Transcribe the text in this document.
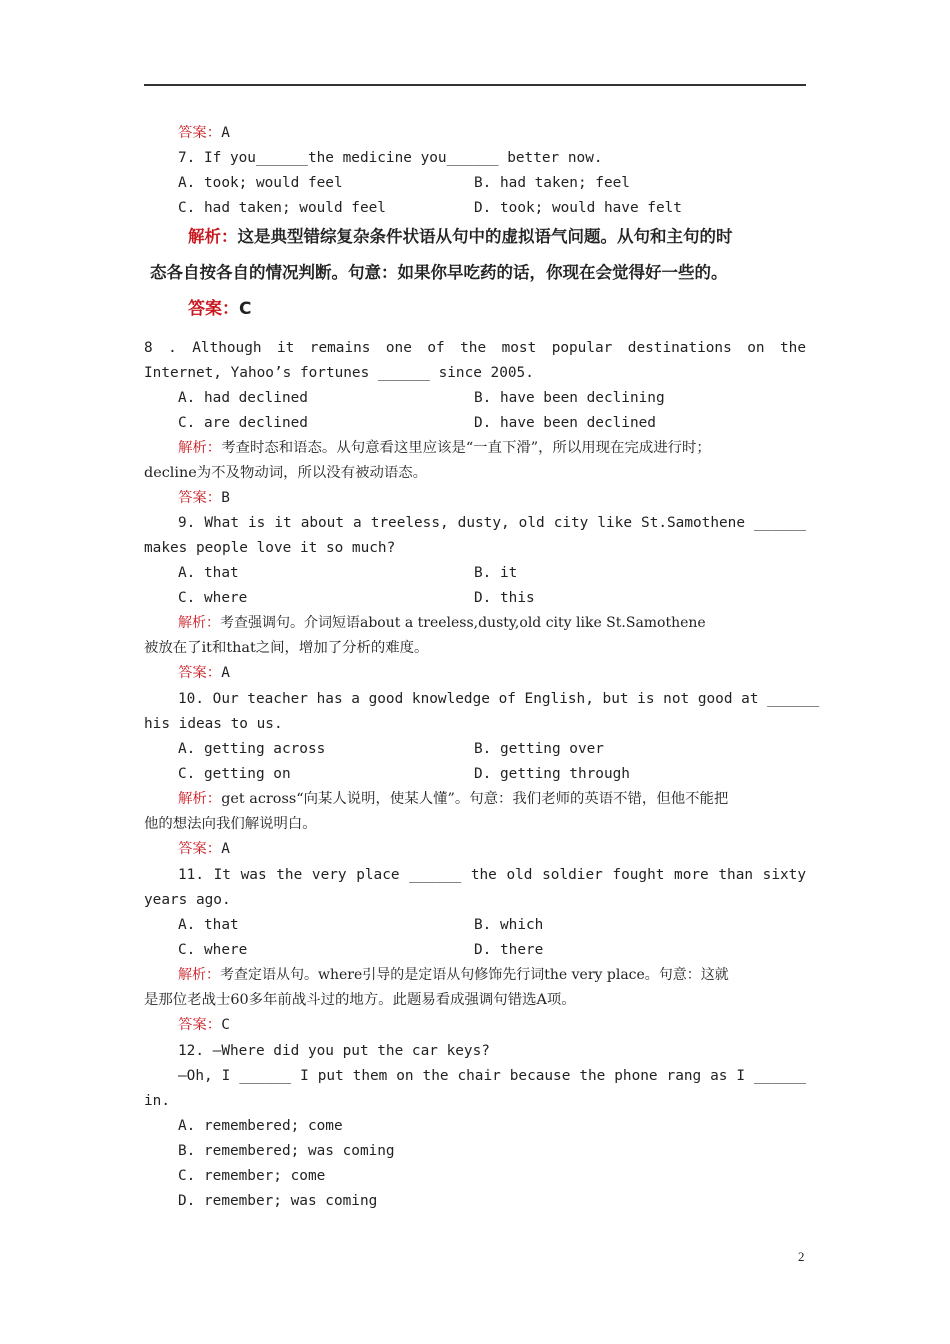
答案：A
7. If you______the medicine you______ better now.
A. took; would feel	B. had taken; feel
C. had taken; would feel	D. took; would have felt
解析：这是典型错综复杂条件状语从句中的虚拟语气问题。从句和主句的时
态各自按各自的情况判断。句意：如果你早吃药的话，你现在会觉得好一些的。
答案：C
8 . Although it remains one of the most popular destinations on the
Internet, Yahoo’s fortunes ______ since 2005.
A. had declined	B. have been declining
C. are declined	D. have been declined
解析：考查时态和语态。从句意看这里应该是“一直下滑”，所以用现在完成进行时；
decline为不及物动词，所以没有被动语态。
答案：B
9. What is it about a treeless, dusty, old city like St.Samothene ______
makes people love it so much?
A. that	B. it
C. where	D. this
解析：考查强调句。介词短语about a treeless,dusty,old city like St.Samothene
被放在了it和that之间，增加了分析的难度。
答案：A
10. Our teacher has a good knowledge of English, but is not good at ______
his ideas to us.
A. getting across	B. getting over
C. getting on	D. getting through
解析：get across“向某人说明，使某人懂”。句意：我们老师的英语不错，但他不能把
他的想法向我们解说明白。
答案：A
11. It was the very place ______ the old soldier fought more than sixty
years ago.
A. that	B. which
C. where	D. there
解析：考查定语从句。where引导的是定语从句修饰先行词the very place。句意：这就
是那位老战士60多年前战斗过的地方。此题易看成强调句错选A项。
答案：C
12. —Where did you put the car keys?
—Oh, I ______ I put them on the chair because the phone rang as I ______
in.
A. remembered; come
B. remembered; was coming
C. remember; come
D. remember; was coming
2
